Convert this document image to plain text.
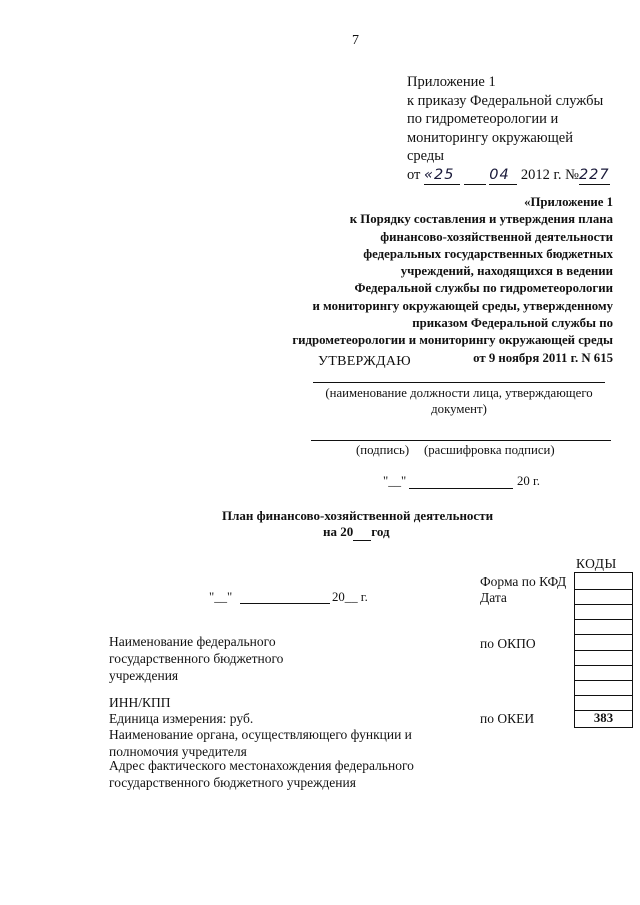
7
Приложение 1
к приказу Федеральной службы
по гидрометеорологии и
мониторингу окружающей
среды
от «25 04 2012 г. №227
«Приложение 1
к Порядку составления и утверждения плана
финансово-хозяйственной деятельности
федеральных государственных бюджетных
учреждений, находящихся в ведении
Федеральной службы по гидрометеорологии
и мониторингу окружающей среды, утвержденному
приказом Федеральной службы по
гидрометеорологии и мониторингу окружающей среды
от 9 ноября 2011 г. N 615
УТВЕРЖДАЮ
(наименование должности лица, утверждающего
документ)
(подпись) (расшифровка подписи)
"__"	20 г.
План финансово-хозяйственной деятельности
на 20 год
КОДЫ
383
Форма по КФД
Дата
по ОКПО
по ОКЕИ
"__"	20__ г.
Наименование федерального
государственного бюджетного
учреждения
ИНН/КПП
Единица измерения: руб.
Наименование органа, осуществляющего функции и
полномочия учредителя
Адрес фактического местонахождения федерального
государственного бюджетного учреждения
